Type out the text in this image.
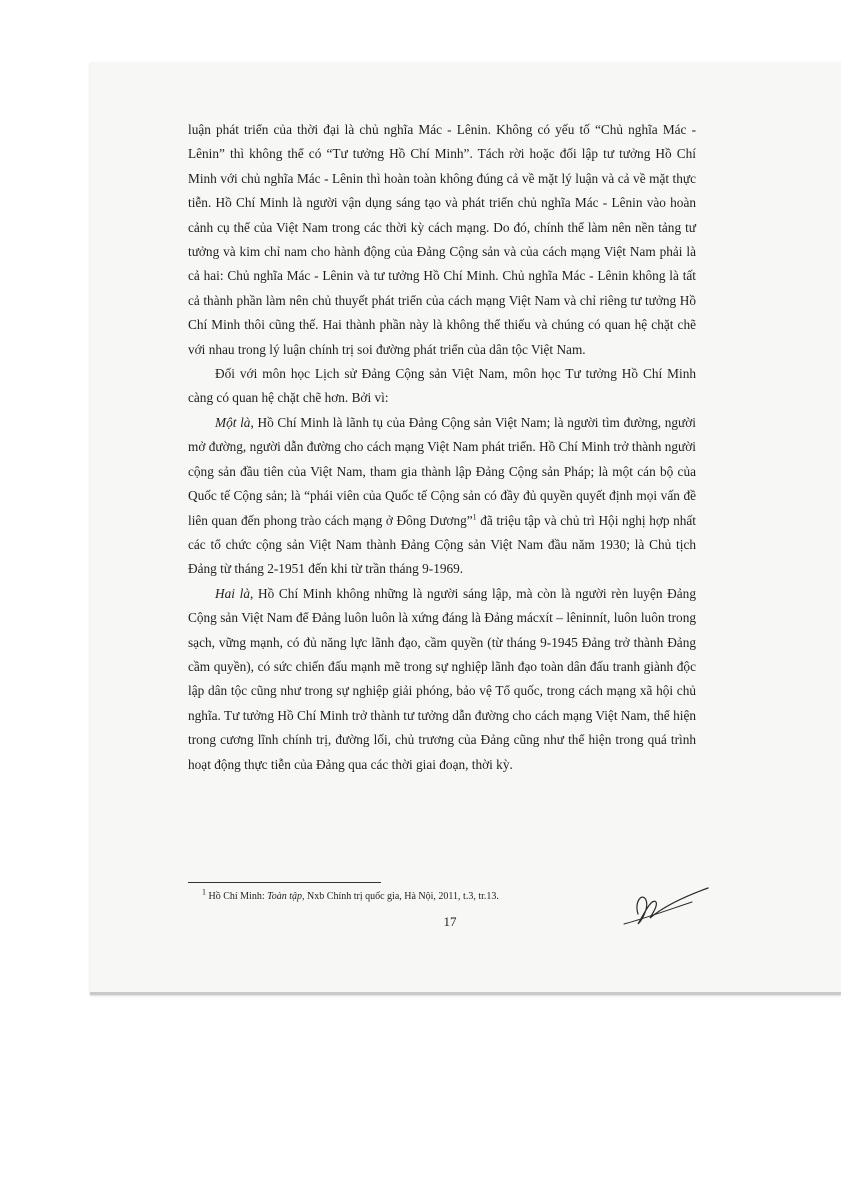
luận phát triển của thời đại là chủ nghĩa Mác - Lênin. Không có yếu tố “Chủ nghĩa Mác - Lênin” thì không thể có “Tư tưởng Hồ Chí Minh”. Tách rời hoặc đối lập tư tưởng Hồ Chí Minh với chủ nghĩa Mác - Lênin thì hoàn toàn không đúng cả về mặt lý luận và cả về mặt thực tiễn. Hồ Chí Minh là người vận dụng sáng tạo và phát triển chủ nghĩa Mác - Lênin vào hoàn cảnh cụ thể của Việt Nam trong các thời kỳ cách mạng. Do đó, chính thể làm nên nền tảng tư tưởng và kim chỉ nam cho hành động của Đảng Cộng sản và của cách mạng Việt Nam phải là cả hai: Chủ nghĩa Mác - Lênin và tư tưởng Hồ Chí Minh. Chủ nghĩa Mác - Lênin không là tất cả thành phần làm nên chủ thuyết phát triển của cách mạng Việt Nam và chỉ riêng tư tưởng Hồ Chí Minh thôi cũng thế. Hai thành phần này là không thể thiếu và chúng có quan hệ chặt chẽ với nhau trong lý luận chính trị soi đường phát triển của dân tộc Việt Nam.

Đối với môn học Lịch sử Đảng Cộng sản Việt Nam, môn học Tư tưởng Hồ Chí Minh càng có quan hệ chặt chẽ hơn. Bởi vì:

Một là, Hồ Chí Minh là lãnh tụ của Đảng Cộng sản Việt Nam; là người tìm đường, người mở đường, người dẫn đường cho cách mạng Việt Nam phát triển. Hồ Chí Minh trở thành người cộng sản đầu tiên của Việt Nam, tham gia thành lập Đảng Cộng sản Pháp; là một cán bộ của Quốc tế Cộng sản; là “phái viên của Quốc tế Cộng sản có đầy đủ quyền quyết định mọi vấn đề liên quan đến phong trào cách mạng ở Đông Dương”$^1$ đã triệu tập và chủ trì Hội nghị hợp nhất các tổ chức cộng sản Việt Nam thành Đảng Cộng sản Việt Nam đầu năm 1930; là Chủ tịch Đảng từ tháng 2-1951 đến khi từ trần tháng 9-1969.

Hai là, Hồ Chí Minh không những là người sáng lập, mà còn là người rèn luyện Đảng Cộng sản Việt Nam để Đảng luôn luôn là xứng đáng là Đảng mácxít – lêninnít, luôn luôn trong sạch, vững mạnh, có đủ năng lực lãnh đạo, cầm quyền (từ tháng 9-1945 Đảng trở thành Đảng cầm quyền), có sức chiến đấu mạnh mẽ trong sự nghiệp lãnh đạo toàn dân đấu tranh giành độc lập dân tộc cũng như trong sự nghiệp giải phóng, bảo vệ Tổ quốc, trong cách mạng xã hội chủ nghĩa. Tư tưởng Hồ Chí Minh trở thành tư tưởng dẫn đường cho cách mạng Việt Nam, thể hiện trong cương lĩnh chính trị, đường lối, chủ trương của Đảng cũng như thể hiện trong quá trình hoạt động thực tiễn của Đảng qua các thời giai đoạn, thời kỳ.

$^1$ Hồ Chí Minh: Toàn tập, Nxb Chính trị quốc gia, Hà Nội, 2011, t.3, tr.13.
17
